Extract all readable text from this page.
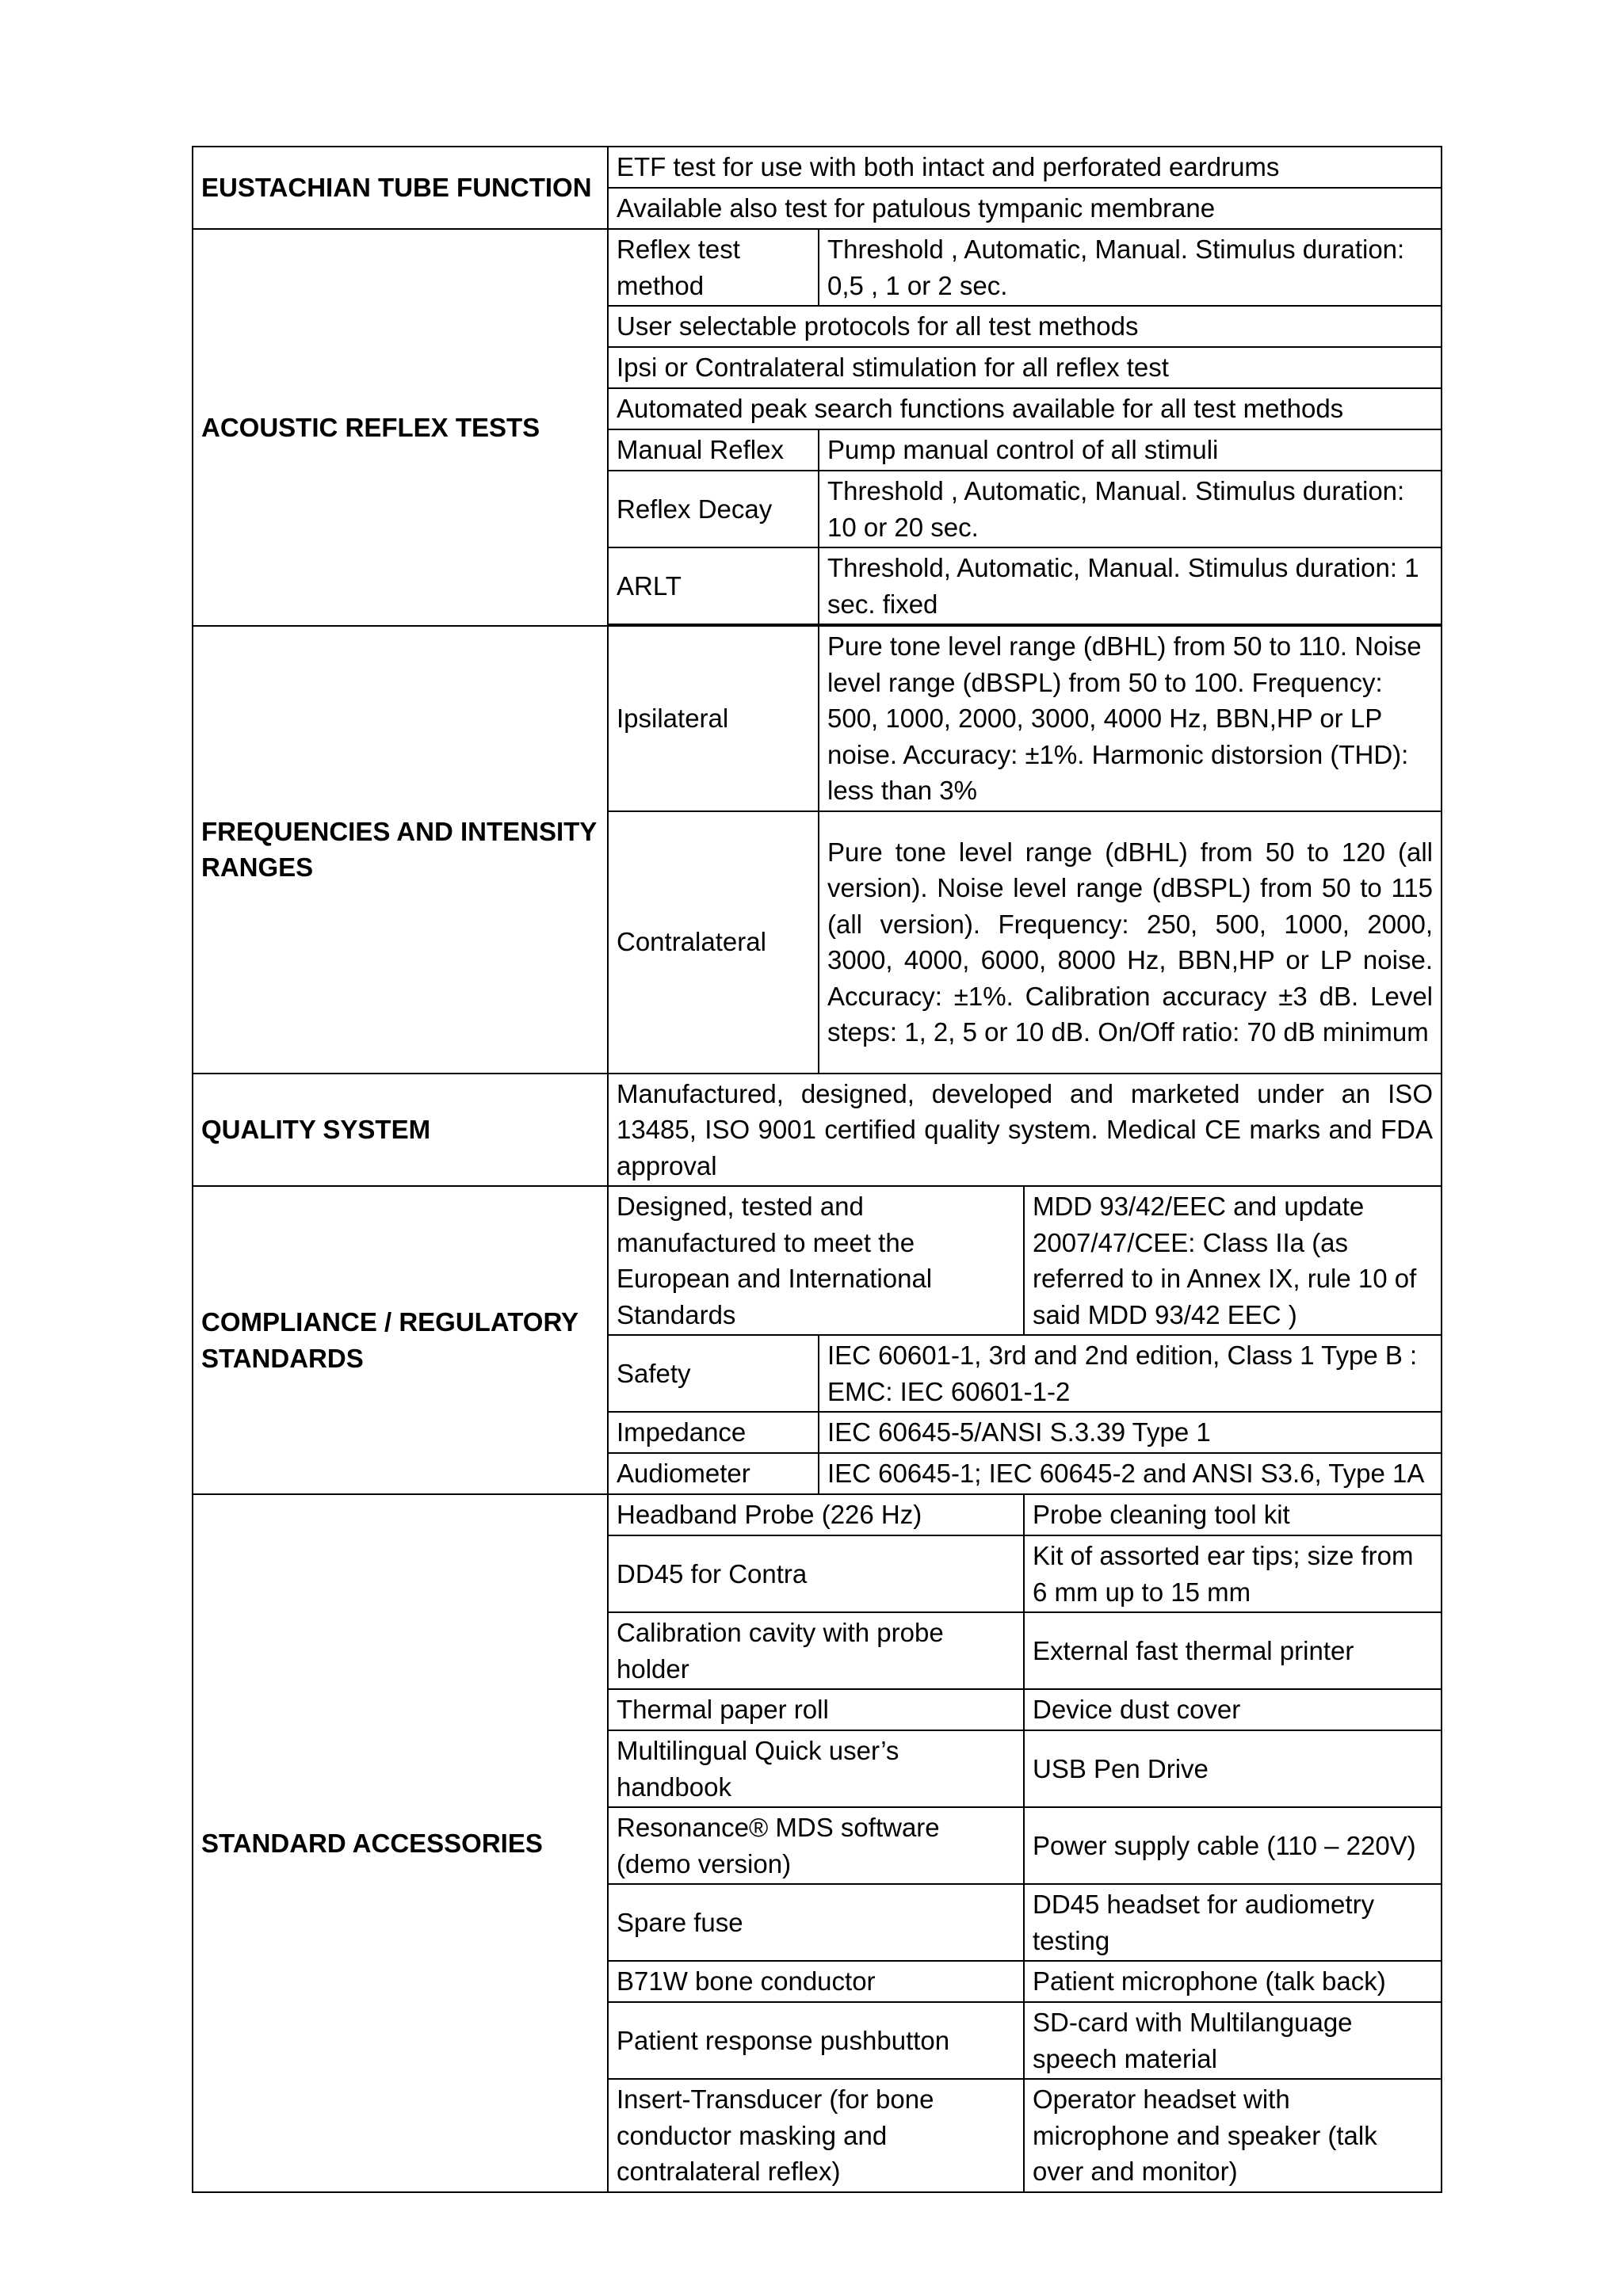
EUSTACHIAN TUBE FUNCTION	ETF test for use with both intact and perforated eardrums		
	Available also test for patulous tympanic membrane		
ACOUSTIC REFLEX TESTS	Reflex test method	Threshold , Automatic, Manual. Stimulus duration: 0,5 , 1 or 2 sec.	
	User selectable protocols for all test methods		
	Ipsi or Contralateral stimulation for all reflex test		
	Automated peak search functions available for all test methods		
	Manual Reflex	Pump manual control of all stimuli	
	Reflex Decay	Threshold , Automatic, Manual. Stimulus duration: 10 or 20 sec.	
	ARLT	Threshold, Automatic, Manual. Stimulus duration: 1 sec. fixed	

FREQUENCIES AND INTENSITY RANGES	Ipsilateral	Pure tone level range (dBHL) from 50 to 110. Noise level range (dBSPL) from 50 to 100. Frequency: 500, 1000, 2000, 3000, 4000 Hz, BBN,HP or LP noise. Accuracy: ±1%. Harmonic distorsion (THD): less than 3%	
	Contralateral	Pure tone level range (dBHL) from 50 to 120 (all version). Noise level range (dBSPL) from 50 to 115 (all version). Frequency: 250, 500, 1000, 2000, 3000, 4000, 6000, 8000 Hz, BBN,HP or LP noise. Accuracy: ±1%. Calibration accuracy ±3 dB. Level steps: 1, 2, 5 or 10 dB. On/Off ratio: 70 dB minimum	
QUALITY SYSTEM	Manufactured, designed, developed and marketed under an ISO 13485, ISO 9001 certified quality system. Medical CE marks and FDA approval		
COMPLIANCE / REGULATORY STANDARDS	Designed, tested and manufactured to meet the European and International Standards		MDD 93/42/EEC and update 2007/47/CEE: Class IIa (as referred to in Annex IX, rule 10 of said MDD 93/42 EEC )
	Safety	IEC 60601-1, 3rd and 2nd edition, Class 1 Type B : EMC: IEC 60601-1-2	
	Impedance	IEC 60645-5/ANSI S.3.39 Type 1	
	Audiometer	IEC 60645-1; IEC 60645-2 and ANSI S3.6, Type 1A	
STANDARD ACCESSORIES	Headband Probe (226 Hz)		Probe cleaning tool kit
	DD45 for Contra		Kit of assorted ear tips; size from 6 mm up to 15 mm
	Calibration cavity with probe holder		External fast thermal printer
	Thermal paper roll		Device dust cover
	Multilingual Quick user’s handbook		USB Pen Drive
	Resonance® MDS software (demo version)		Power supply cable (110 – 220V)
	Spare fuse		DD45 headset for audiometry testing
	B71W bone conductor		Patient microphone (talk back)
	Patient response pushbutton		SD-card with Multilanguage speech material
	Insert-Transducer (for bone conductor masking and contralateral reflex)		Operator headset with microphone and speaker (talk over and monitor)
